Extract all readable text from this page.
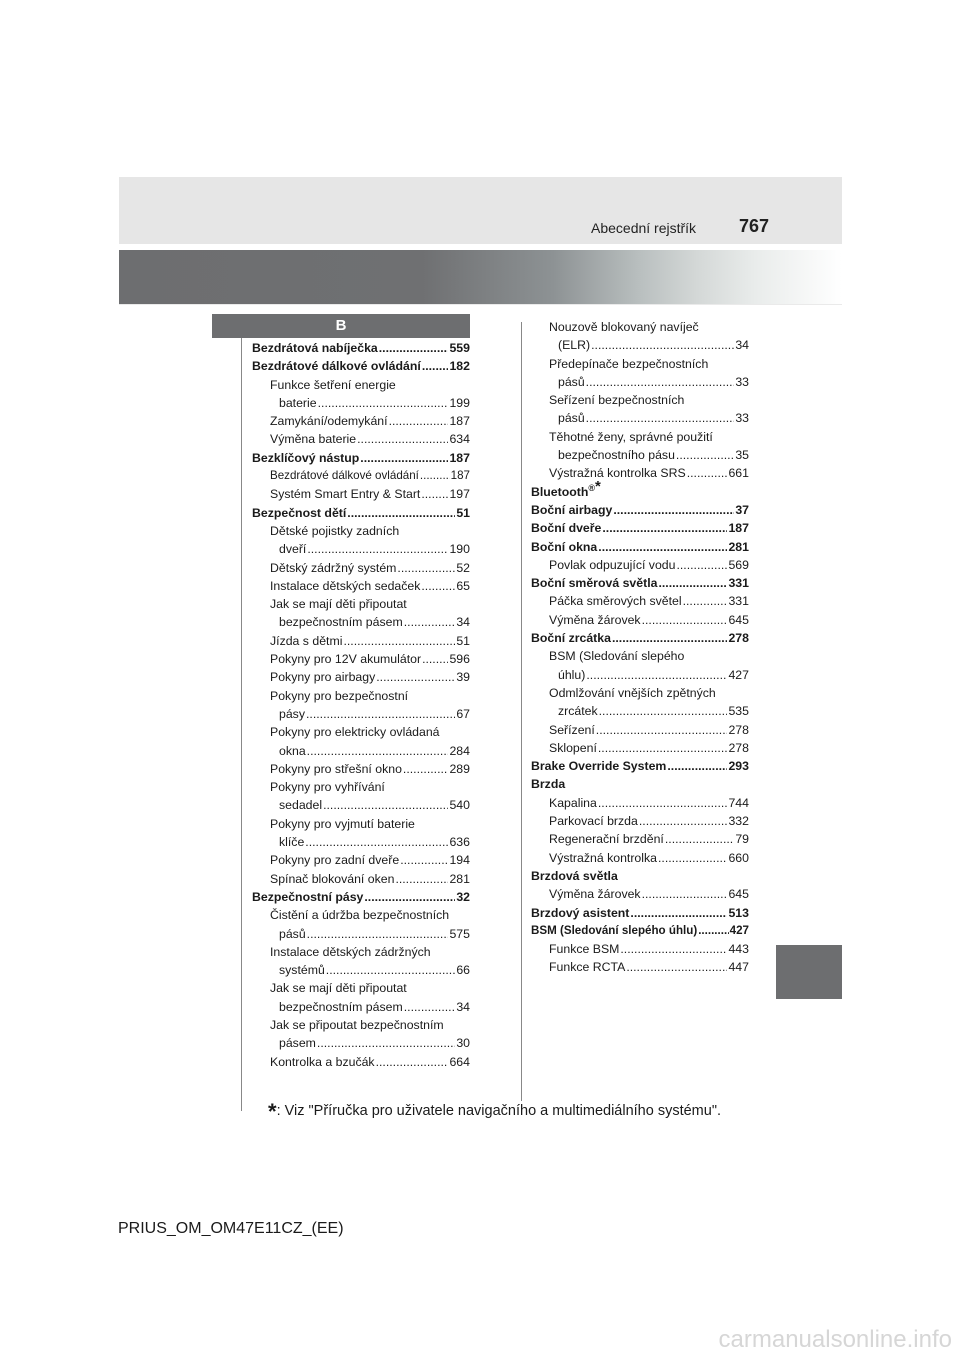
Abecední rejstřík 767
B
Bezdrátová nabíječka .....	559
Bezdrátové dálkové ovládání ..... 182
Funkce šetření energie
baterie .....	199
Zamykání/odemykání .....	187
Výměna baterie .....	634
Bezklíčový nástup .....	187
Bezdrátové dálkové ovládání .....	187
Systém Smart Entry & Start ..... 197
Bezpečnost dětí .....	51
Dětské pojistky zadních
dveří .....	190
Dětský zádržný systém .....	52
Instalace dětských sedaček .....	65
Jak se mají děti připoutat
bezpečnostním pásem .....	34
Jízda s dětmi .....	51
Pokyny pro 12V akumulátor ..... 596
Pokyny pro airbagy .....	39
Pokyny pro bezpečnostní
pásy .....	67
Pokyny pro elektricky ovládaná
okna .....	284
Pokyny pro střešní okno .....	289
Pokyny pro vyhřívání
sedadel .....	540
Pokyny pro vyjmutí baterie
klíče .....	636
Pokyny pro zadní dveře .....	194
Spínač blokování oken .....	281
Bezpečnostní pásy .....	32
Čistění a údržba bezpečnostních
pásů .....	575
Instalace dětských zádržných
systémů .....	66
Jak se mají děti připoutat
bezpečnostním pásem .....	34
Jak se připoutat bezpečnostním
pásem .....	30
Kontrolka a bzučák .....	664
Nouzově blokovaný navíječ
(ELR) .....	34
Předepínače bezpečnostních
pásů .....	33
Seřízení bezpečnostních
pásů .....	33
Těhotné ženy, správné použití
bezpečnostního pásu .....	35
Výstražná kontrolka SRS .....	661
Bluetooth®*
Boční airbagy .....	37
Boční dveře .....	187
Boční okna .....	281
Povlak odpuzující vodu .....	569
Boční směrová světla .....	331
Páčka směrových světel .....	331
Výměna žárovek .....	645
Boční zrcátka .....	278
BSM (Sledování slepého
úhlu) .....	427
Odmlžování vnějších zpětných
zrcátek .....	535
Seřízení .....	278
Sklopení .....	278
Brake Override System .....	293
Brzda
Kapalina .....	744
Parkovací brzda .....	332
Regenerační brzdění .....	79
Výstražná kontrolka .....	660
Brzdová světla
Výměna žárovek .....	645
Brzdový asistent .....	513
BSM (Sledování slepého úhlu) .....	427
Funkce BSM .....	443
Funkce RCTA .....	447
*: Viz "Příručka pro uživatele navigačního a multimediálního systému".
PRIUS_OM_OM47E11CZ_(EE)
carmanualsonline.info
